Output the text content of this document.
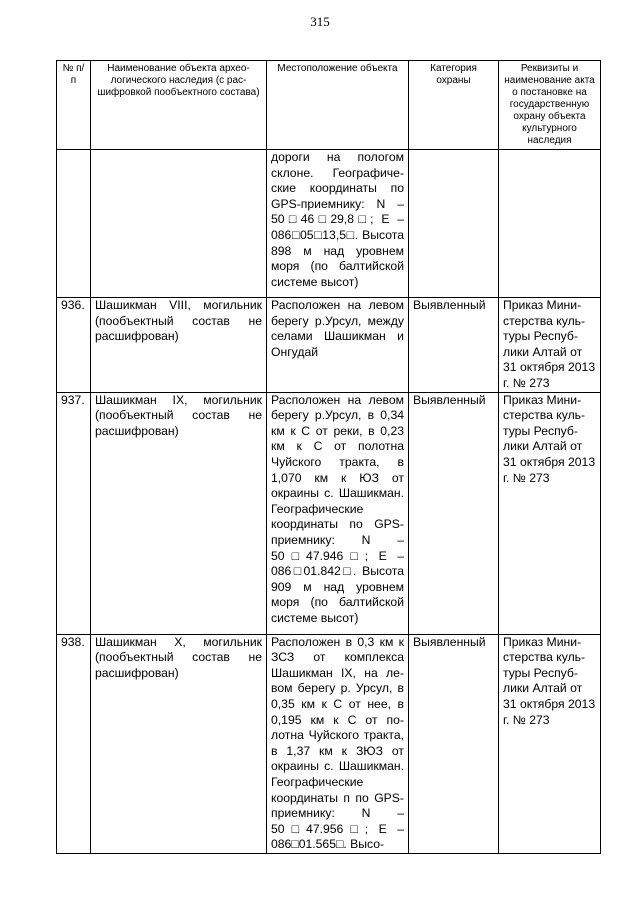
315
№ п/п	Наименование объекта археологического наследия (с расшифровкой пообъектного состава)	Местоположение объекта	Категория охраны	Реквизиты и наименование акта о постановке на государственную охрану объекта культурного наследия
		дороги на пологом склоне. Географические координаты по GPS-приемнику: N – 50□46□29,8□; E – 086□05□13,5□. Высота 898 м над уровнем моря (по балтийской системе высот)		
936.	Шашикман VIII, могильник (пообъектный состав не расшифрован)	Расположен на левом берегу р.Урсул, между селами Шашикман и Онгудай	Выявленный	Приказ Министерства культуры Республики Алтай от 31 октября 2013 г. № 273
937.	Шашикман IX, могильник (пообъектный состав не расшифрован)	Расположен на левом берегу р.Урсул, в 0,34 км к С от реки, в 0,23 км к С от полотна Чуйского тракта, в 1,070 км к ЮЗ от окраины с. Шашикман. Географические координаты по GPS-приемнику: N – 50□47.946□; E – 086□01.842□. Высота 909 м над уровнем моря (по балтийской системе высот)	Выявленный	Приказ Министерства культуры Республики Алтай от 31 октября 2013 г. № 273
938.	Шашикман X, могильник (пообъектный состав не расшифрован)	Расположен в 0,3 км к ЗСЗ от комплекса Шашикман IX, на левом берегу р. Урсул, в 0,35 км к С от нее, в 0,195 км к С от полотна Чуйского тракта, в 1,37 км к ЗЮЗ от окраины с. Шашикман. Географические координаты п по GPS-приемнику: N – 50□47.956□; E – 086□01.565□. Высо-	Выявленный	Приказ Министерства культуры Республики Алтай от 31 октября 2013 г. № 273
